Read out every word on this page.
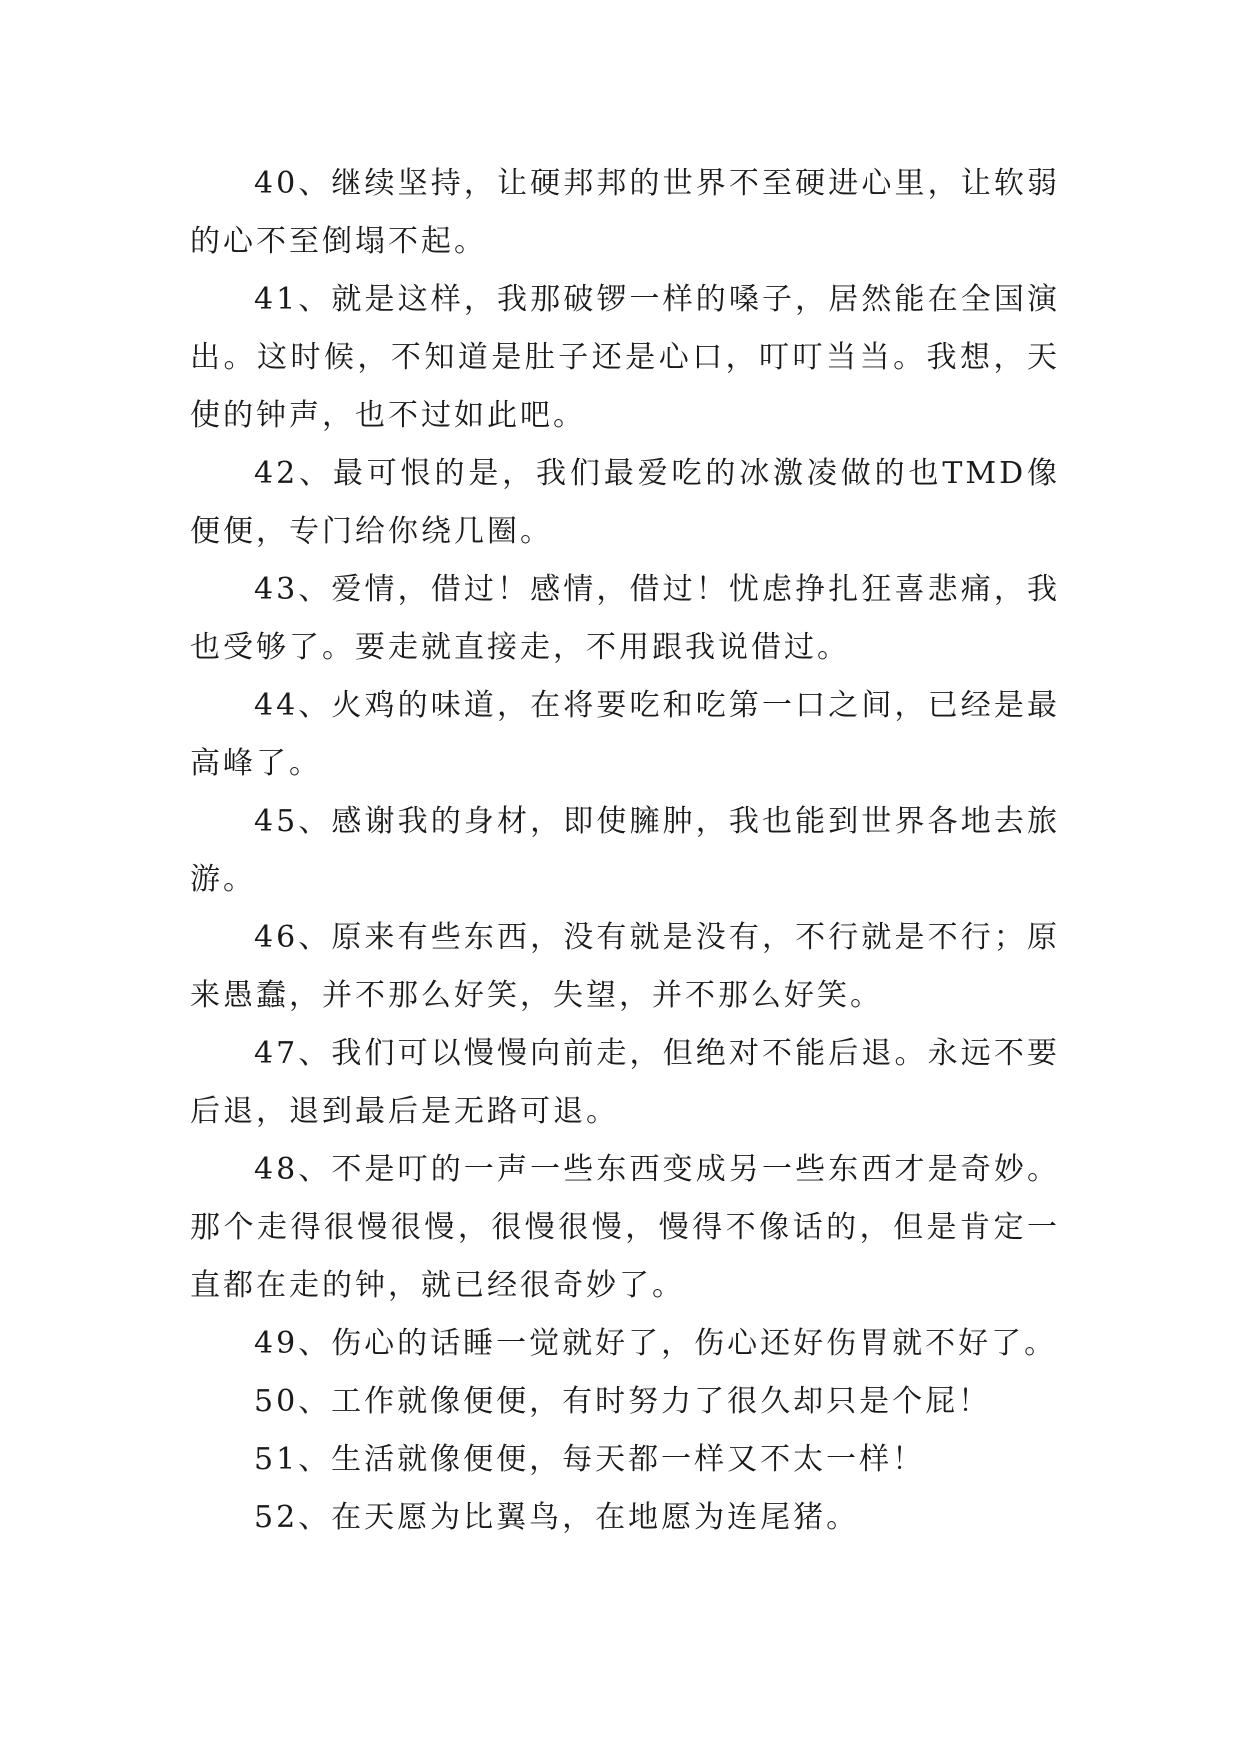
40、继续坚持，让硬邦邦的世界不至硬进心里，让软弱的心不至倒塌不起。

41、就是这样，我那破锣一样的嗓子，居然能在全国演出。这时候，不知道是肚子还是心口，叮叮当当。我想，天使的钟声，也不过如此吧。

42、最可恨的是，我们最爱吃的冰激凌做的也TMD像便便，专门给你绕几圈。

43、爱情，借过！感情，借过！忧虑挣扎狂喜悲痛，我也受够了。要走就直接走，不用跟我说借过。

44、火鸡的味道，在将要吃和吃第一口之间，已经是最高峰了。

45、感谢我的身材，即使臃肿，我也能到世界各地去旅游。

46、原来有些东西，没有就是没有，不行就是不行；原来愚蠢，并不那么好笑，失望，并不那么好笑。

47、我们可以慢慢向前走，但绝对不能后退。永远不要后退，退到最后是无路可退。

48、不是叮的一声一些东西变成另一些东西才是奇妙。那个走得很慢很慢，很慢很慢，慢得不像话的，但是肯定一直都在走的钟，就已经很奇妙了。

49、伤心的话睡一觉就好了，伤心还好伤胃就不好了。

50、工作就像便便，有时努力了很久却只是个屁！

51、生活就像便便，每天都一样又不太一样！

52、在天愿为比翼鸟，在地愿为连尾猪。
